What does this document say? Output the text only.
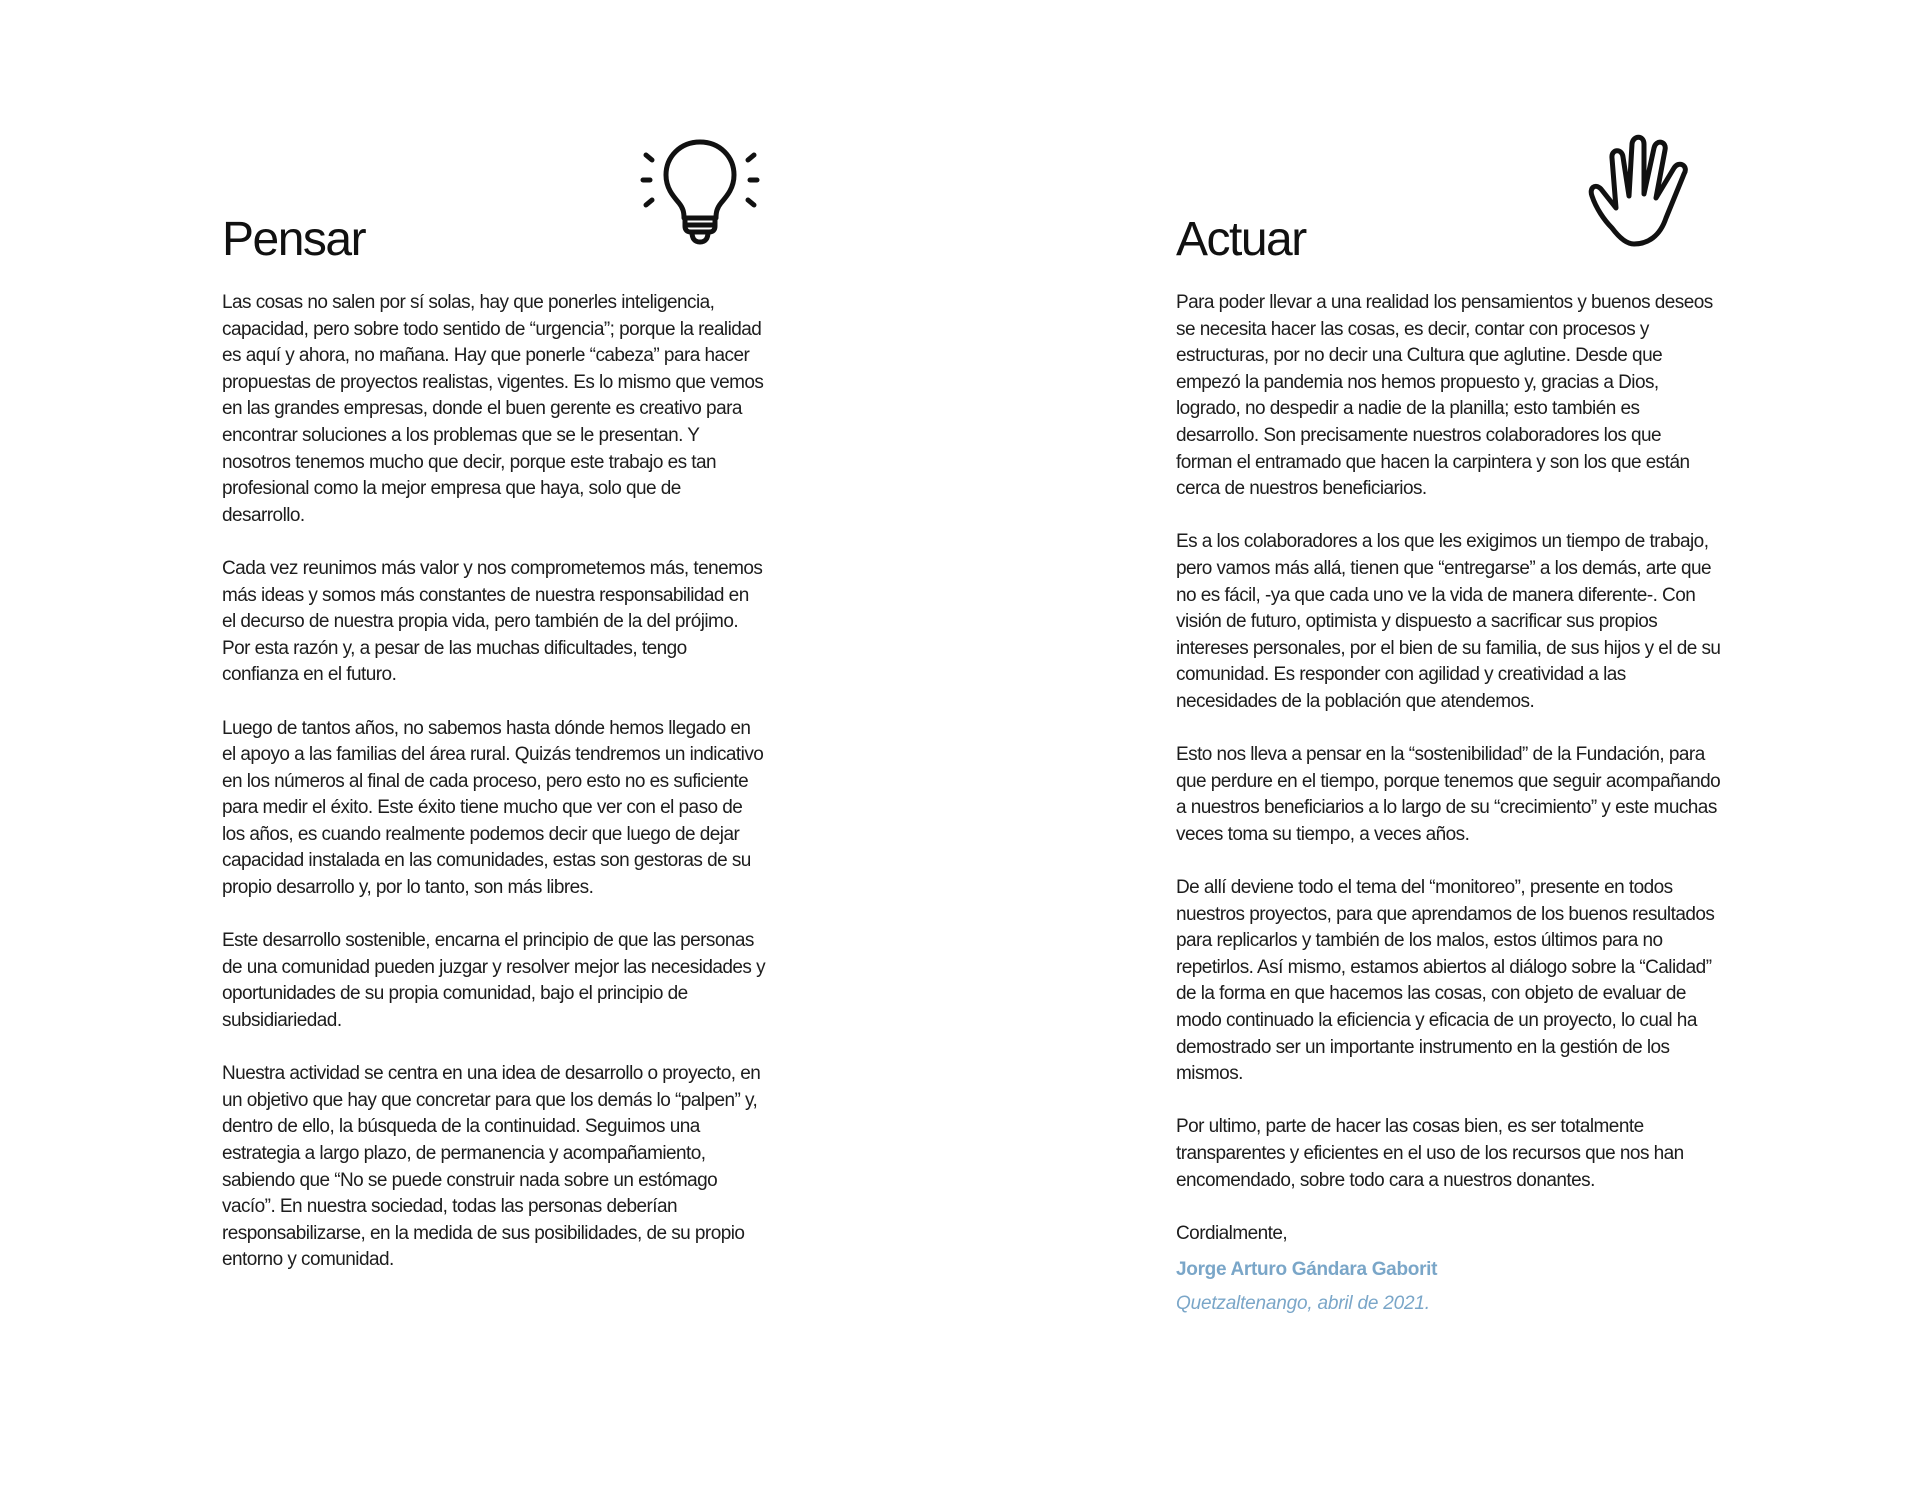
Pensar

Las cosas no salen por sí solas, hay que ponerles inteligencia, capacidad, pero sobre todo sentido de “urgencia”; porque la realidad es aquí y ahora, no mañana. Hay que ponerle “cabeza” para hacer propuestas de proyectos realistas, vigentes. Es lo mismo que vemos en las grandes empresas, donde el buen gerente es creativo para encontrar soluciones a los problemas que se le presentan. Y nosotros tenemos mucho que decir, porque este trabajo es tan profesional como la mejor empresa que haya, solo que de desarrollo.

Cada vez reunimos más valor y nos comprometemos más, tenemos más ideas y somos más constantes de nuestra responsabilidad en el decurso de nuestra propia vida, pero también de la del prójimo. Por esta razón y, a pesar de las muchas dificultades, tengo confianza en el futuro.

Luego de tantos años, no sabemos hasta dónde hemos llegado en el apoyo a las familias del área rural. Quizás tendremos un indicativo en los números al final de cada proceso, pero esto no es suficiente para medir el éxito. Este éxito tiene mucho que ver con el paso de los años, es cuando realmente podemos decir que luego de dejar capacidad instalada en las comunidades, estas son gestoras de su propio desarrollo y, por lo tanto, son más libres.

Este desarrollo sostenible, encarna el principio de que las personas de una comunidad pueden juzgar y resolver mejor las necesidades y oportunidades de su propia comunidad, bajo el principio de subsidiariedad.

Nuestra actividad se centra en una idea de desarrollo o proyecto, en un objetivo que hay que concretar para que los demás lo “palpen” y, dentro de ello, la búsqueda de la continuidad. Seguimos una estrategia a largo plazo, de permanencia y acompañamiento, sabiendo que “No se puede construir nada sobre un estómago vacío”. En nuestra sociedad, todas las personas deberían responsabilizarse, en la medida de sus posibilidades, de su propio entorno y comunidad.

Actuar

Para poder llevar a una realidad los pensamientos y buenos deseos se necesita hacer las cosas, es decir, contar con procesos y estructuras, por no decir una Cultura que aglutine. Desde que empezó la pandemia nos hemos propuesto y, gracias a Dios, logrado, no despedir a nadie de la planilla; esto también es desarrollo. Son precisamente nuestros colaboradores los que forman el entramado que hacen la carpintera y son los que están cerca de nuestros beneficiarios.

Es a los colaboradores a los que les exigimos un tiempo de trabajo, pero vamos más allá, tienen que “entregarse” a los demás, arte que no es fácil, -ya que cada uno ve la vida de manera diferente-. Con visión de futuro, optimista y dispuesto a sacrificar sus propios intereses personales, por el bien de su familia, de sus hijos y el de su comunidad. Es responder con agilidad y creatividad a las necesidades de la población que atendemos.

Esto nos lleva a pensar en la “sostenibilidad” de la Fundación, para que perdure en el tiempo, porque tenemos que seguir acompañando a nuestros beneficiarios a lo largo de su “crecimiento” y este muchas veces toma su tiempo, a veces años.

De allí deviene todo el tema del “monitoreo”, presente en todos nuestros proyectos, para que aprendamos de los buenos resultados para replicarlos y también de los malos, estos últimos para no repetirlos. Así mismo, estamos abiertos al diálogo sobre la “Calidad” de la forma en que hacemos las cosas, con objeto de evaluar de modo continuado la eficiencia y eficacia de un proyecto, lo cual ha demostrado ser un importante instrumento en la gestión de los mismos.

Por ultimo, parte de hacer las cosas bien, es ser totalmente transparentes y eficientes en el uso de los recursos que nos han encomendado, sobre todo cara a nuestros donantes.

Cordialmente,

Jorge Arturo Gándara Gaborit

Quetzaltenango, abril de 2021.
